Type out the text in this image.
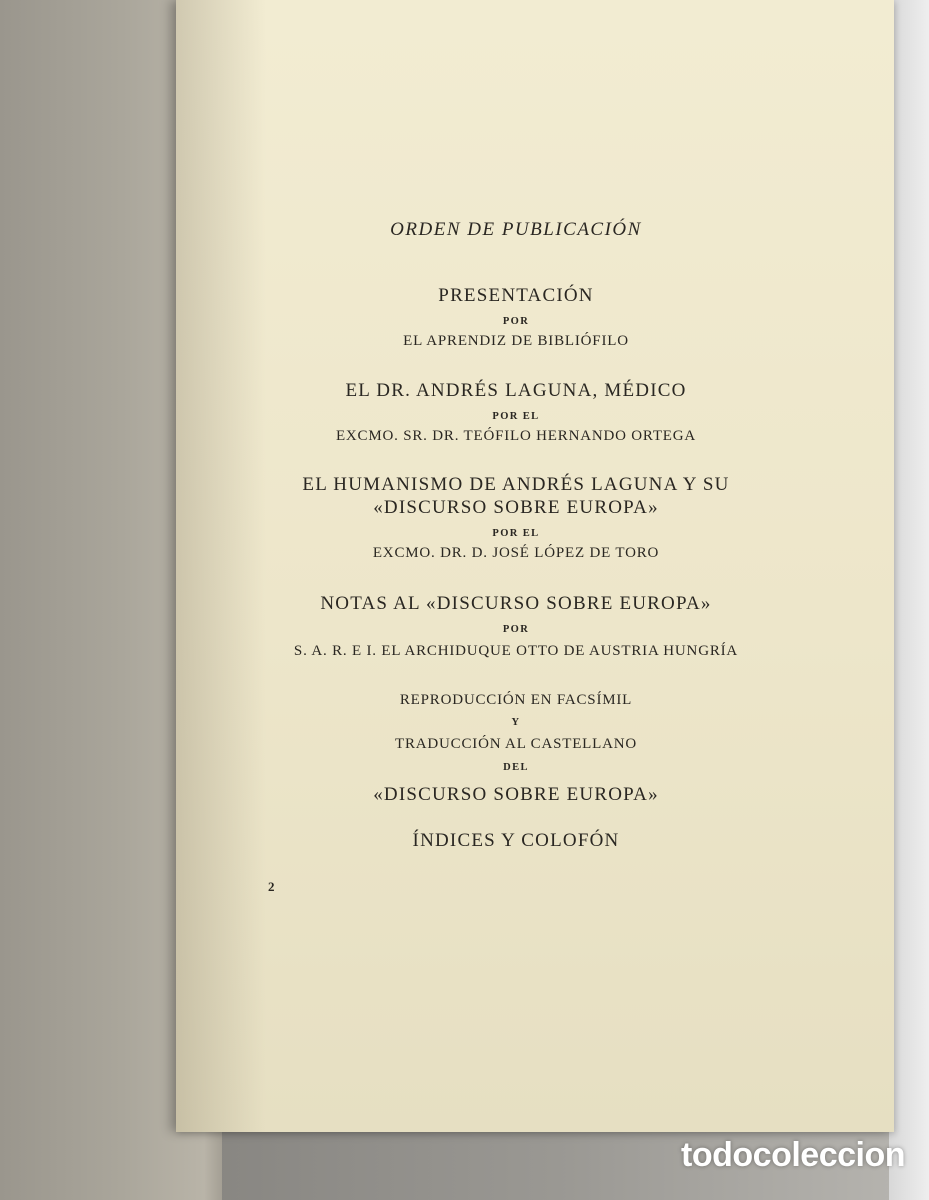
ORDEN DE PUBLICACIÓN
PRESENTACIÓN
POR
EL APRENDIZ DE BIBLIÓFILO
EL DR. ANDRÉS LAGUNA, MÉDICO
POR EL
EXCMO. SR. DR. TEÓFILO HERNANDO ORTEGA
EL HUMANISMO DE ANDRÉS LAGUNA Y SU
«DISCURSO SOBRE EUROPA»
POR EL
EXCMO. DR. D. JOSÉ LÓPEZ DE TORO
NOTAS AL «DISCURSO SOBRE EUROPA»
POR
S. A. R. E I. EL ARCHIDUQUE OTTO DE AUSTRIA HUNGRÍA
REPRODUCCIÓN EN FACSÍMIL
Y
TRADUCCIÓN AL CASTELLANO
DEL
«DISCURSO SOBRE EUROPA»
ÍNDICES Y COLOFÓN
2
todocoleccion
